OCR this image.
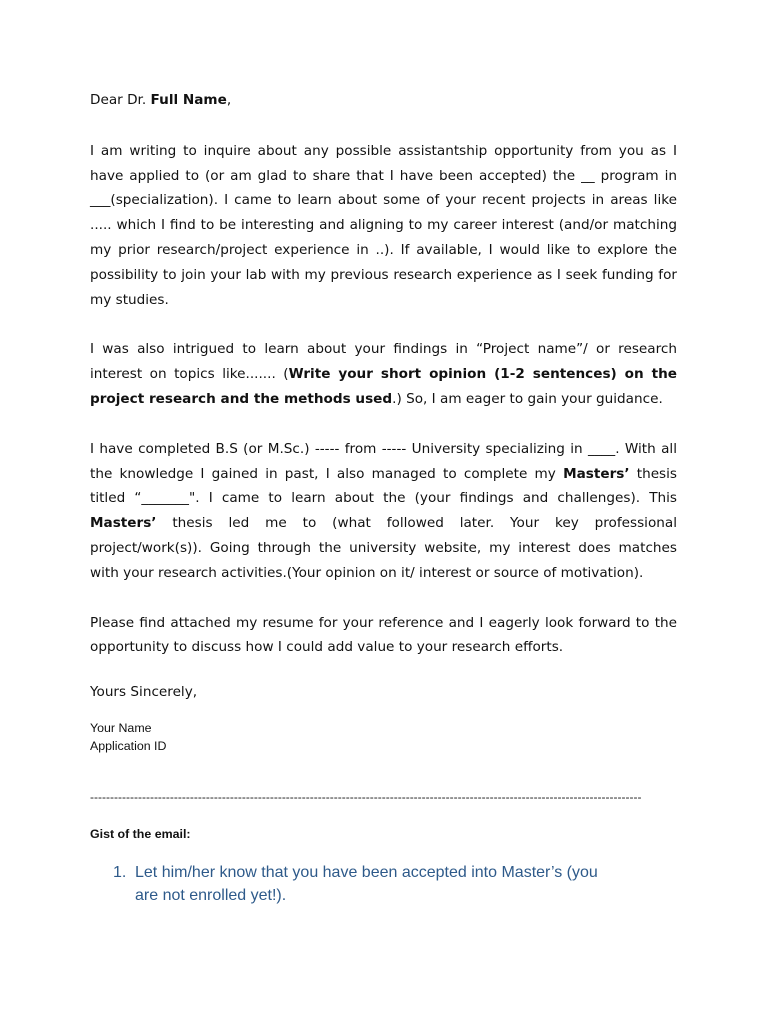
Dear Dr. Full Name,

I am writing to inquire about any possible assistantship opportunity from you as I have applied to (or am glad to share that I have been accepted) the __ program in ___(specialization). I came to learn about some of your recent projects in areas like ..... which I find to be interesting and aligning to my career interest (and/or matching my prior research/project experience in ..). If available, I would like to explore the possibility to join your lab with my previous research experience as I seek funding for my studies.

I was also intrigued to learn about your findings in “Project name”/ or research interest on topics like....... (Write your short opinion (1-2 sentences) on the project research and the methods used.) So, I am eager to gain your guidance.

I have completed B.S (or M.Sc.) ----- from ----- University specializing in ____. With all the knowledge I gained in past, I also managed to complete my Masters’ thesis titled “_______". I came to learn about the (your findings and challenges). This Masters’ thesis led me to (what followed later. Your key professional project/work(s)). Going through the university website, my interest does matches with your research activities.(Your opinion on it/ interest or source of motivation).

Please find attached my resume for your reference and I eagerly look forward to the opportunity to discuss how I could add value to your research efforts.

Yours Sincerely,

Your Name
Application ID
------------------------------------------------------------------------------------------------------------------------------------------
Gist of the email:
1. Let him/her know that you have been accepted into Master’s (you are not enrolled yet!).
